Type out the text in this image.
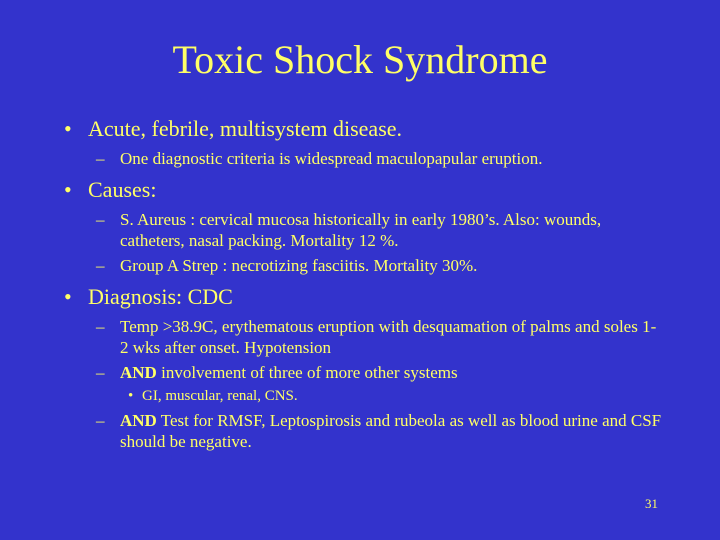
Toxic Shock Syndrome
• Acute, febrile, multisystem disease.
– One diagnostic criteria is widespread maculopapular eruption.
• Causes:
– S. Aureus : cervical mucosa historically in early 1980’s. Also: wounds, catheters, nasal packing. Mortality 12 %.
– Group A Strep : necrotizing fasciitis. Mortality 30%.
• Diagnosis: CDC
– Temp >38.9C, erythematous eruption with desquamation of palms and soles 1-2 wks after onset. Hypotension
– AND involvement of three of more other systems
• GI, muscular, renal, CNS.
– AND Test for RMSF, Leptospirosis and rubeola as well as blood urine and CSF should be negative.
31
